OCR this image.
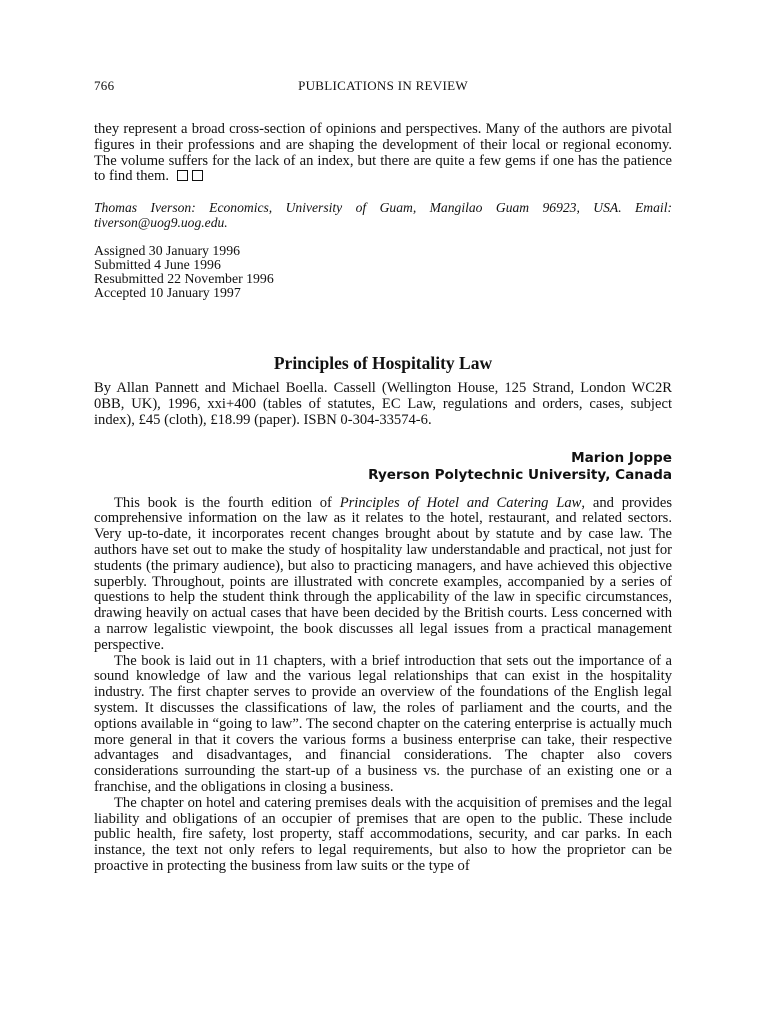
766	PUBLICATIONS IN REVIEW

they represent a broad cross-section of opinions and perspectives. Many of the authors are pivotal figures in their professions and are shaping the development of their local or regional economy. The volume suffers for the lack of an index, but there are quite a few gems if one has the patience to find them.

Thomas Iverson: Economics, University of Guam, Mangilao Guam 96923, USA. Email: tiverson@uog9.uog.edu.

Assigned 30 January 1996
Submitted 4 June 1996
Resubmitted 22 November 1996
Accepted 10 January 1997
Principles of Hospitality Law

By Allan Pannett and Michael Boella. Cassell (Wellington House, 125 Strand, London WC2R 0BB, UK), 1996, xxi+400 (tables of statutes, EC Law, regulations and orders, cases, subject index), £45 (cloth), £18.99 (paper). ISBN 0-304-33574-6.

Marion Joppe
Ryerson Polytechnic University, Canada

This book is the fourth edition of Principles of Hotel and Catering Law, and provides comprehensive information on the law as it relates to the hotel, restaurant, and related sectors. Very up-to-date, it incorporates recent changes brought about by statute and by case law. The authors have set out to make the study of hospitality law understandable and practical, not just for students (the primary audience), but also to practicing managers, and have achieved this objective superbly. Throughout, points are illustrated with concrete examples, accompanied by a series of questions to help the student think through the applicability of the law in specific circumstances, drawing heavily on actual cases that have been decided by the British courts. Less concerned with a narrow legalistic viewpoint, the book discusses all legal issues from a practical management perspective.

The book is laid out in 11 chapters, with a brief introduction that sets out the importance of a sound knowledge of law and the various legal relationships that can exist in the hospitality industry. The first chapter serves to provide an overview of the foundations of the English legal system. It discusses the classifications of law, the roles of parliament and the courts, and the options available in “going to law”. The second chapter on the catering enterprise is actually much more general in that it covers the various forms a business enterprise can take, their respective advantages and disadvantages, and financial considerations. The chapter also covers considerations surrounding the start-up of a business vs. the purchase of an existing one or a franchise, and the obligations in closing a business.

The chapter on hotel and catering premises deals with the acquisition of premises and the legal liability and obligations of an occupier of premises that are open to the public. These include public health, fire safety, lost property, staff accommodations, security, and car parks. In each instance, the text not only refers to legal requirements, but also to how the proprietor can be proactive in protecting the business from law suits or the type of
